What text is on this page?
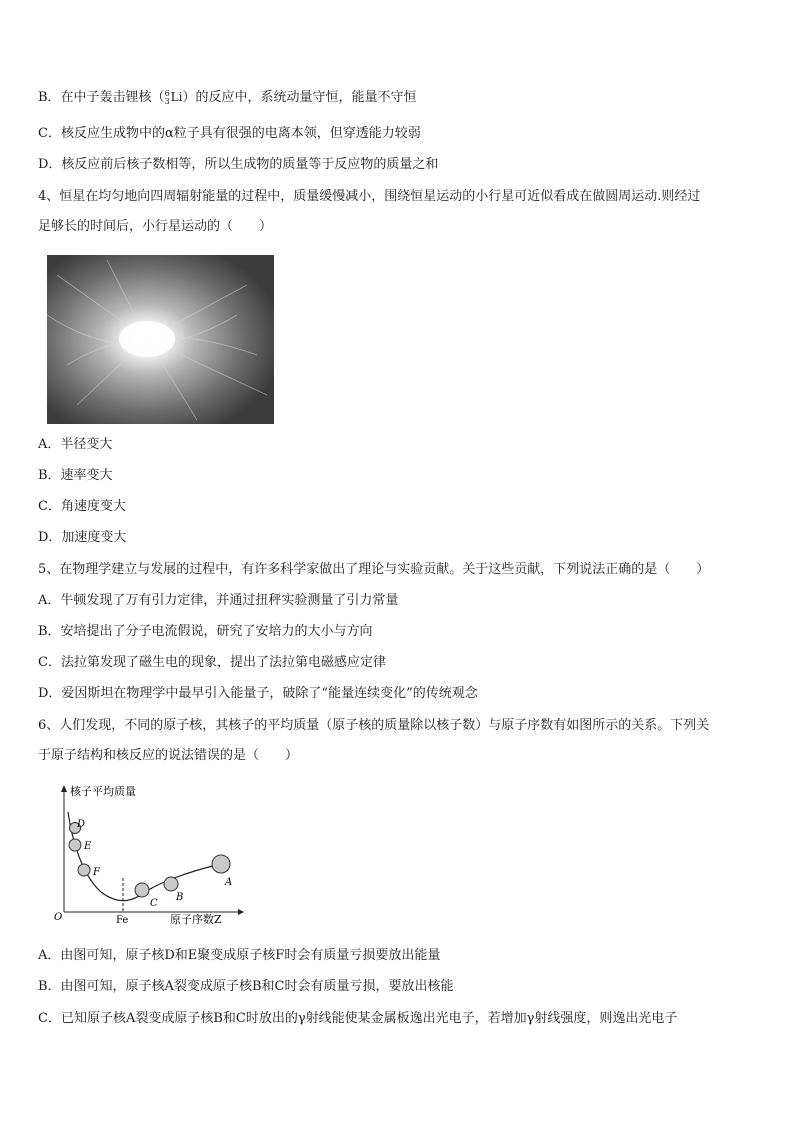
B．在中子轰击锂核（6
3Li）的反应中，系统动量守恒，能量不守恒
C．核反应生成物中的α粒子具有很强的电离本领，但穿透能力较弱
D．核反应前后核子数相等，所以生成物的质量等于反应物的质量之和
4、恒星在均匀地向四周辐射能量的过程中，质量缓慢减小，围绕恒星运动的小行星可近似看成在做圆周运动.则经过
足够长的时间后，小行星运动的（　　）
A．半径变大
B．速率变大
C．角速度变大
D．加速度变大
5、在物理学建立与发展的过程中，有许多科学家做出了理论与实验贡献。关于这些贡献，下列说法正确的是（　　）
A．牛顿发现了万有引力定律，并通过扭秤实验测量了引力常量
B．安培提出了分子电流假说，研究了安培力的大小与方向
C．法拉第发现了磁生电的现象，提出了法拉第电磁感应定律
D．爱因斯坦在物理学中最早引入能量子，破除了“能量连续变化”的传统观念
6、人们发现，不同的原子核，其核子的平均质量（原子核的质量除以核子数）与原子序数有如图所示的关系。下列关
于原子结构和核反应的说法错误的是（　　）
核子平均质量
O	Fe	原子序数Z
D
E
F
C
B
A
A．由图可知，原子核D和E聚变成原子核F时会有质量亏损要放出能量
B．由图可知，原子核A裂变成原子核B和C时会有质量亏损，要放出核能
C．已知原子核A裂变成原子核B和C时放出的γ射线能使某金属板逸出光电子，若增加γ射线强度，则逸出光电子
